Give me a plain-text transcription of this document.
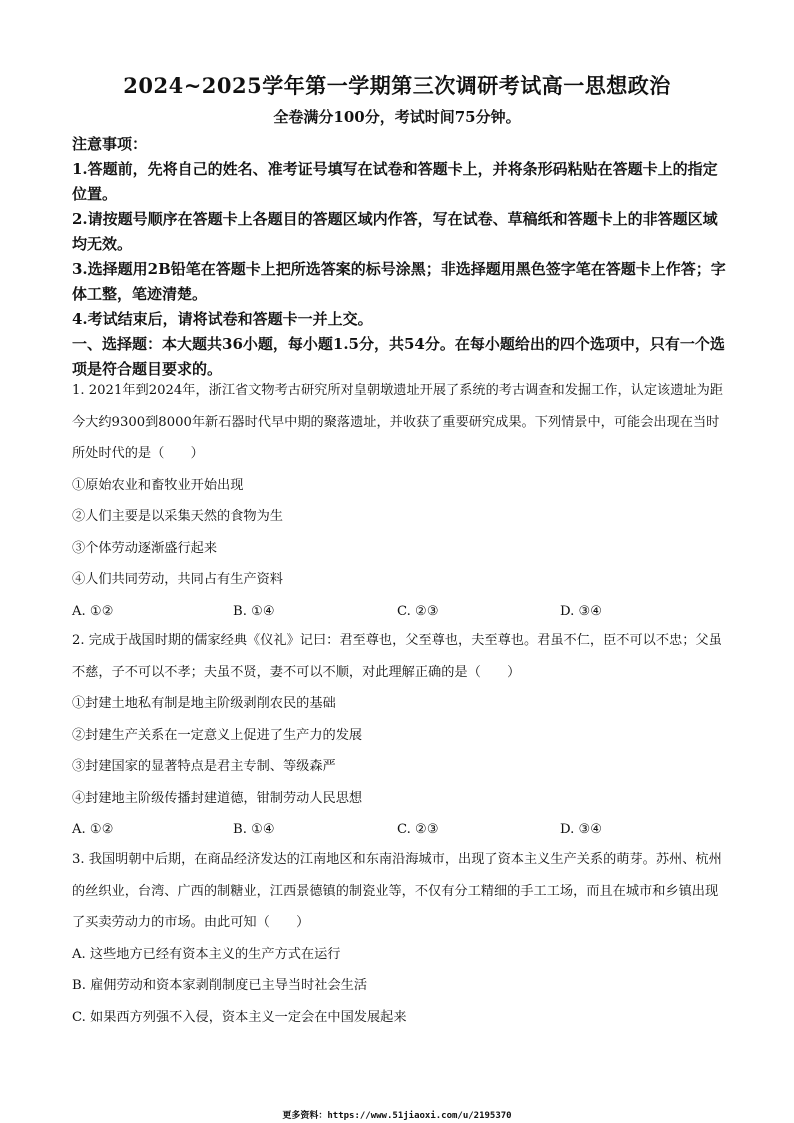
2024~2025学年第一学期第三次调研考试高一思想政治
全卷满分100分，考试时间75分钟。

注意事项：

1.答题前，先将自己的姓名、准考证号填写在试卷和答题卡上，并将条形码粘贴在答题卡上的指定位置。

2.请按题号顺序在答题卡上各题目的答题区域内作答，写在试卷、草稿纸和答题卡上的非答题区域均无效。

3.选择题用2B铅笔在答题卡上把所选答案的标号涂黑；非选择题用黑色签字笔在答题卡上作答；字体工整，笔迹清楚。

4.考试结束后，请将试卷和答题卡一并上交。

一、选择题：本大题共36小题，每小题1.5分，共54分。在每小题给出的四个选项中，只有一个选项是符合题目要求的。

1. 2021年到2024年，浙江省文物考古研究所对皇朝墩遗址开展了系统的考古调查和发掘工作，认定该遗址为距今大约9300到8000年新石器时代早中期的聚落遗址，并收获了重要研究成果。下列情景中，可能会出现在当时所处时代的是（　　）

①原始农业和畜牧业开始出现

②人们主要是以采集天然的食物为生

③个体劳动逐渐盛行起来

④人们共同劳动，共同占有生产资料

A. ①②	B. ①④	C. ②③	D. ③④

2. 完成于战国时期的儒家经典《仪礼》记曰：君至尊也，父至尊也，夫至尊也。君虽不仁，臣不可以不忠；父虽不慈，子不可以不孝；夫虽不贤，妻不可以不顺，对此理解正确的是（　　）

①封建土地私有制是地主阶级剥削农民的基础

②封建生产关系在一定意义上促进了生产力的发展

③封建国家的显著特点是君主专制、等级森严

④封建地主阶级传播封建道德，钳制劳动人民思想

A. ①②	B. ①④	C. ②③	D. ③④

3. 我国明朝中后期，在商品经济发达的江南地区和东南沿海城市，出现了资本主义生产关系的萌芽。苏州、杭州的丝织业，台湾、广西的制糖业，江西景德镇的制瓷业等，不仅有分工精细的手工工场，而且在城市和乡镇出现了买卖劳动力的市场。由此可知（　　）

A. 这些地方已经有资本主义的生产方式在运行

B. 雇佣劳动和资本家剥削制度已主导当时社会生活

C. 如果西方列强不入侵，资本主义一定会在中国发展起来

更多资料：https://www.51jiaoxi.com/u/2195370
